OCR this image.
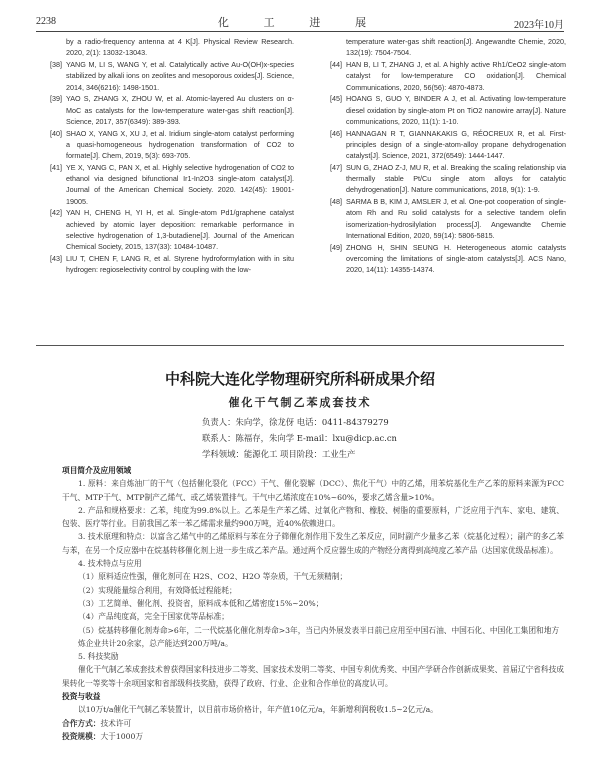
2238	化 工 进 展	2023年10月
by a radio-frequency antenna at 4 K[J]. Physical Review Research. 2020, 2(1): 13032-13043.
[38] YANG M, LI S, WANG Y, et al. Catalytically active Au-O(OH)x-species stabilized by alkali ions on zeolites and mesoporous oxides[J]. Science, 2014, 346(6216): 1498-1501.
[39] YAO S, ZHANG X, ZHOU W, et al. Atomic-layered Au clusters on α-MoC as catalysts for the low-temperature water-gas shift reaction[J]. Science, 2017, 357(6349): 389-393.
[40] SHAO X, YANG X, XU J, et al. Iridium single-atom catalyst performing a quasi-homogeneous hydrogenation transformation of CO2 to formate[J]. Chem, 2019, 5(3): 693-705.
[41] YE X, YANG C, PAN X, et al. Highly selective hydrogenation of CO2 to ethanol via designed bifunctional Ir1-In2O3 single-atom catalyst[J]. Journal of the American Chemical Society. 2020. 142(45): 19001-19005.
[42] YAN H, CHENG H, YI H, et al. Single-atom Pd1/graphene catalyst achieved by atomic layer deposition: remarkable performance in selective hydrogenation of 1,3-butadiene[J]. Journal of the American Chemical Society, 2015, 137(33): 10484-10487.
[43] LIU T, CHEN F, LANG R, et al. Styrene hydroformylation with in situ hydrogen: regioselectivity control by coupling with the low-
temperature water-gas shift reaction[J]. Angewandte Chemie, 2020, 132(19): 7504-7504.
[44] HAN B, LI T, ZHANG J, et al. A highly active Rh1/CeO2 single-atom catalyst for low-temperature CO oxidation[J]. Chemical Communications, 2020, 56(56): 4870-4873.
[45] HOANG S, GUO Y, BINDER A J, et al. Activating low-temperature diesel oxidation by single-atom Pt on TiO2 nanowire array[J]. Nature communications, 2020, 11(1): 1-10.
[46] HANNAGAN R T, GIANNAKAKIS G, RÉOCREUX R, et al. First-principles design of a single-atom-alloy propane dehydrogenation catalyst[J]. Science, 2021, 372(6549): 1444-1447.
[47] SUN G, ZHAO Z-J, MU R, et al. Breaking the scaling relationship via thermally stable Pt/Cu single atom alloys for catalytic dehydrogenation[J]. Nature communications, 2018, 9(1): 1-9.
[48] SARMA B B, KIM J, AMSLER J, et al. One-pot cooperation of single-atom Rh and Ru solid catalysts for a selective tandem olefin isomerization-hydrosilylation process[J]. Angewandte Chemie International Edition, 2020, 59(14): 5806-5815.
[49] ZHONG H, SHIN SEUNG H. Heterogeneous atomic catalysts overcoming the limitations of single-atom catalysts[J]. ACS Nano, 2020, 14(11): 14355-14374.
中科院大连化学物理研究所科研成果介绍
催化干气制乙苯成套技术
负责人：朱向学，徐龙伢 电话：0411-84379279
联系人：陈福存，朱向学 E-mail：lxu@dicp.ac.cn
学科领域：能源化工 项目阶段：工业生产
项目简介及应用领域
1. 原料：来自炼油厂的干气（包括催化裂化（FCC）干气、催化裂解（DCC）、焦化干气）中的乙烯，用苯烷基化生产乙苯的原料来源为FCC干气、MTP干气、MTP制产乙烯气、或乙烯装置排气。干气中乙烯浓度在10%~60%，要求乙烯含量>10%。
2. 产品和规格要求：乙苯，纯度为99.8%以上。乙苯是生产苯乙烯、过氧化产物和、橡胶、树脂的重要原料，广泛应用于汽车、家电、建筑、包装、医疗等行业。目前我国乙苯一苯乙烯需求量约900万吨，近40%依赖进口。
3. 技术原理和特点：以富含乙烯气中的乙烯原料与苯在分子筛催化剂作用下发生乙苯反应，同时副产少量多乙苯（烷基化过程）；副产的多乙苯与苯，在另一个反应器中在烷基转移催化剂上进一步生成乙苯产品。通过两个反应器生成的产物经分离得到高纯度乙苯产品（达国家优级品标准）。
4. 技术特点与应用
（1）原料适应性强，催化剂可在 H2S、CO2、H2O 等杂质，干气无须精制；
（2）实现能量综合利用，有效降低过程能耗；
（3）工艺简单、催化剂、投资省，原料成本低和乙烯密度15%~20%；
（4）产品纯度高，完全于国家优等品标准；
（5）烷基转移催化剂寿命>6年，二一代烷基化催化剂寿命>3年，当已内外展发表半日前已应用至中国石油、中国石化、中国化工集团和地方炼企业共计20余家，总产能达到200万吨/a。
5. 科技奖励
催化干气制乙苯成套技术曾获得国家科技进步二等奖、国家技术发明二等奖、中国专利优秀奖、中国产学研合作创新成果奖、首届辽宁省科技成果转化一等奖等十余项国家和省部级科技奖励，获得了政府、行业、企业和合作单位的高度认可。
投资与收益
以10万t/a催化干气制乙苯装置计，以目前市场价格计，年产值10亿元/a，年新增利润税收1.5~2亿元/a。
合作方式：技术许可
投资规模：大于1000万
